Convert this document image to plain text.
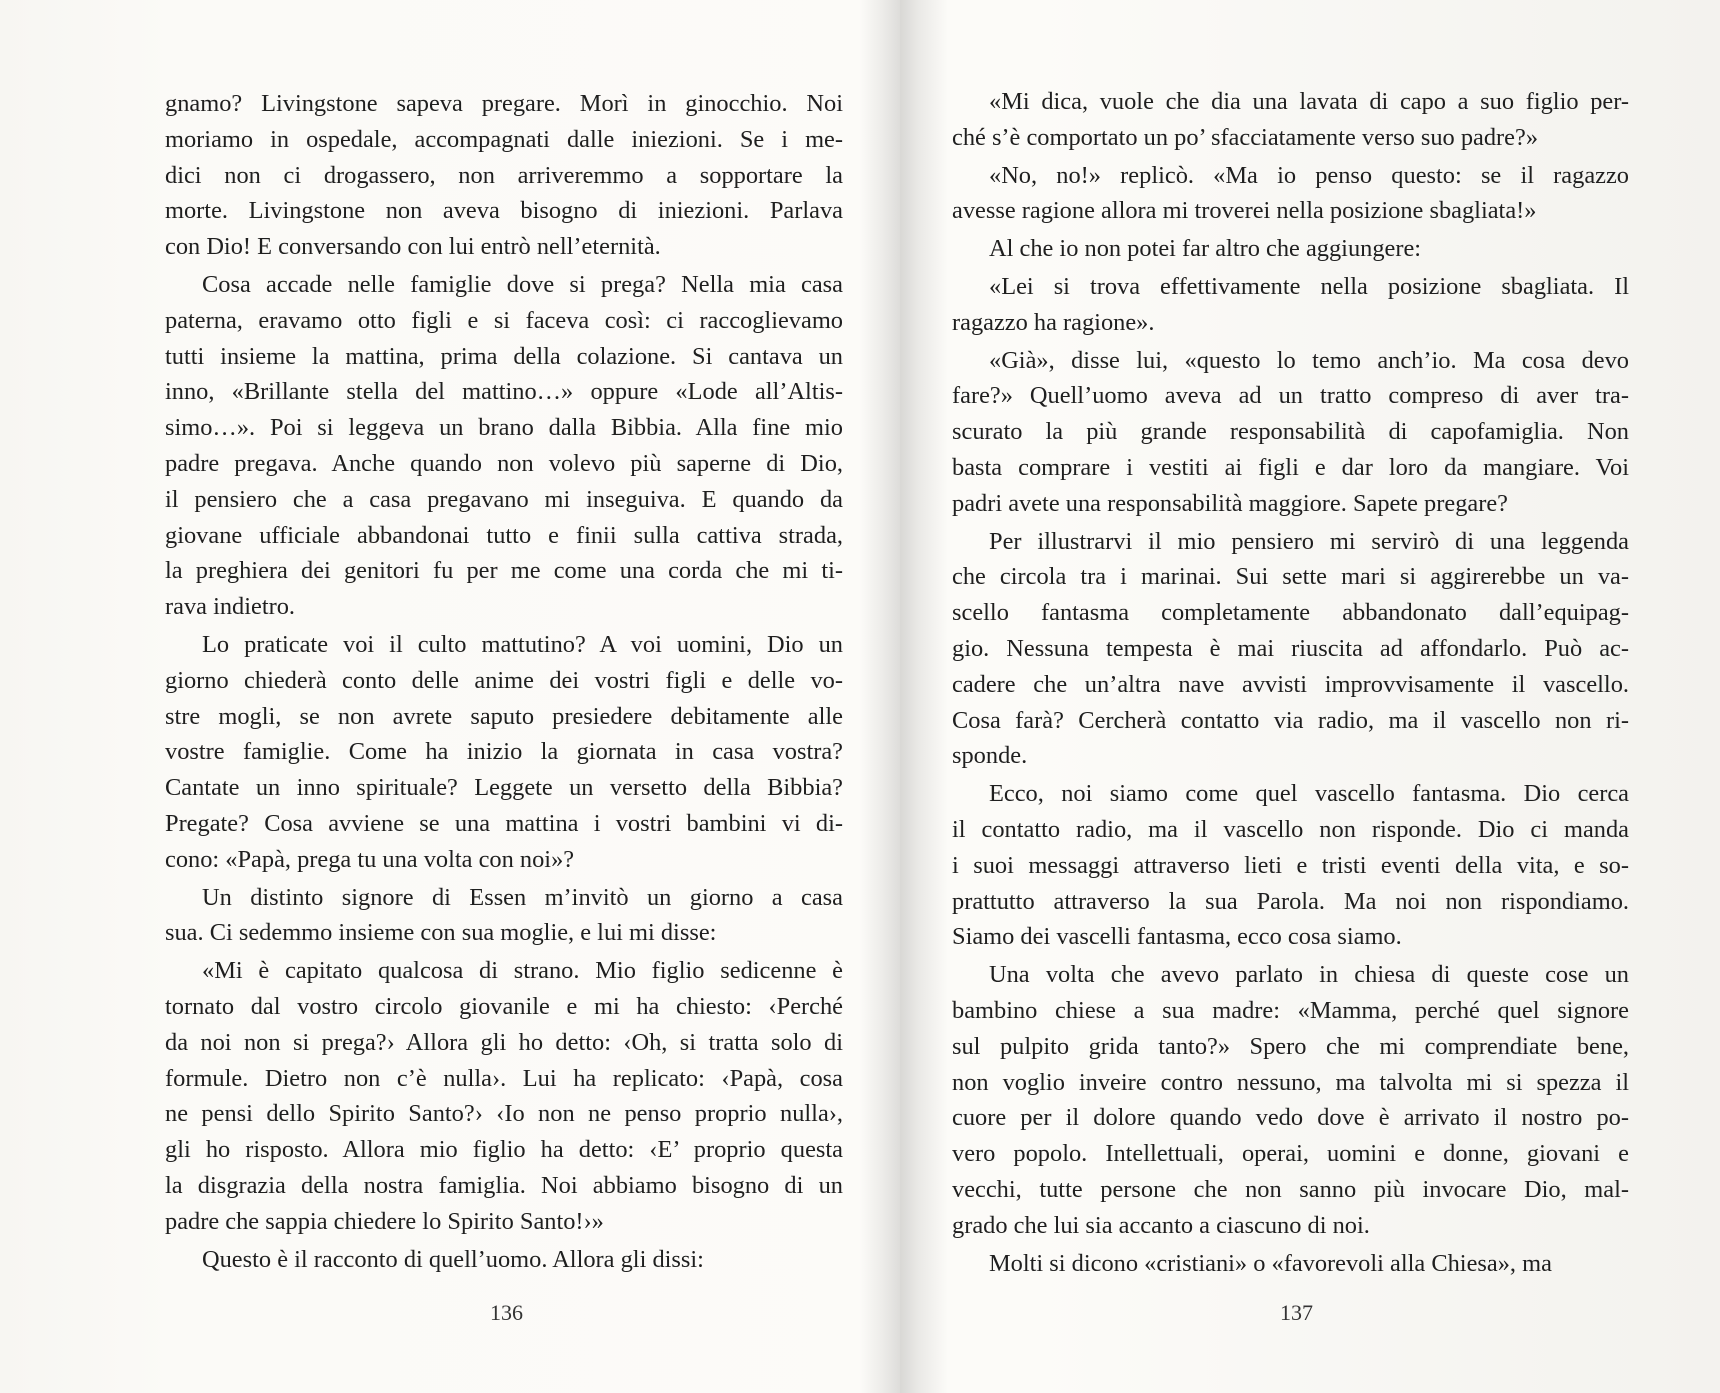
gnamo? Livingstone sapeva pregare. Morì in ginocchio. Noi
moriamo in ospedale, accompagnati dalle iniezioni. Se i me-
dici non ci drogassero, non arriveremmo a sopportare la
morte. Livingstone non aveva bisogno di iniezioni. Parlava
con Dio! E conversando con lui entrò nell’eternità.

Cosa accade nelle famiglie dove si prega? Nella mia casa
paterna, eravamo otto figli e si faceva così: ci raccoglievamo
tutti insieme la mattina, prima della colazione. Si cantava un
inno, «Brillante stella del mattino…» oppure «Lode all’Altis-
simo…». Poi si leggeva un brano dalla Bibbia. Alla fine mio
padre pregava. Anche quando non volevo più saperne di Dio,
il pensiero che a casa pregavano mi inseguiva. E quando da
giovane ufficiale abbandonai tutto e finii sulla cattiva strada,
la preghiera dei genitori fu per me come una corda che mi ti-
rava indietro.

Lo praticate voi il culto mattutino? A voi uomini, Dio un
giorno chiederà conto delle anime dei vostri figli e delle vo-
stre mogli, se non avrete saputo presiedere debitamente alle
vostre famiglie. Come ha inizio la giornata in casa vostra?
Cantate un inno spirituale? Leggete un versetto della Bibbia?
Pregate? Cosa avviene se una mattina i vostri bambini vi di-
cono: «Papà, prega tu una volta con noi»?

Un distinto signore di Essen m’invitò un giorno a casa
sua. Ci sedemmo insieme con sua moglie, e lui mi disse:

«Mi è capitato qualcosa di strano. Mio figlio sedicenne è
tornato dal vostro circolo giovanile e mi ha chiesto: ‹Perché
da noi non si prega?› Allora gli ho detto: ‹Oh, si tratta solo di
formule. Dietro non c’è nulla›. Lui ha replicato: ‹Papà, cosa
ne pensi dello Spirito Santo?› ‹Io non ne penso proprio nulla›,
gli ho risposto. Allora mio figlio ha detto: ‹E’ proprio questa
la disgrazia della nostra famiglia. Noi abbiamo bisogno di un
padre che sappia chiedere lo Spirito Santo!›»

Questo è il racconto di quell’uomo. Allora gli dissi:

136

«Mi dica, vuole che dia una lavata di capo a suo figlio per-
ché s’è comportato un po’ sfacciatamente verso suo padre?»

«No, no!» replicò. «Ma io penso questo: se il ragazzo
avesse ragione allora mi troverei nella posizione sbagliata!»

Al che io non potei far altro che aggiungere:

«Lei si trova effettivamente nella posizione sbagliata. Il
ragazzo ha ragione».

«Già», disse lui, «questo lo temo anch’io. Ma cosa devo
fare?» Quell’uomo aveva ad un tratto compreso di aver tra-
scurato la più grande responsabilità di capofamiglia. Non
basta comprare i vestiti ai figli e dar loro da mangiare. Voi
padri avete una responsabilità maggiore. Sapete pregare?

Per illustrarvi il mio pensiero mi servirò di una leggenda
che circola tra i marinai. Sui sette mari si aggirerebbe un va-
scello fantasma completamente abbandonato dall’equipag-
gio. Nessuna tempesta è mai riuscita ad affondarlo. Può ac-
cadere che un’altra nave avvisti improvvisamente il vascello.
Cosa farà? Cercherà contatto via radio, ma il vascello non ri-
sponde.

Ecco, noi siamo come quel vascello fantasma. Dio cerca
il contatto radio, ma il vascello non risponde. Dio ci manda
i suoi messaggi attraverso lieti e tristi eventi della vita, e so-
prattutto attraverso la sua Parola. Ma noi non rispondiamo.
Siamo dei vascelli fantasma, ecco cosa siamo.

Una volta che avevo parlato in chiesa di queste cose un
bambino chiese a sua madre: «Mamma, perché quel signore
sul pulpito grida tanto?» Spero che mi comprendiate bene,
non voglio inveire contro nessuno, ma talvolta mi si spezza il
cuore per il dolore quando vedo dove è arrivato il nostro po-
vero popolo. Intellettuali, operai, uomini e donne, giovani e
vecchi, tutte persone che non sanno più invocare Dio, mal-
grado che lui sia accanto a ciascuno di noi.

Molti si dicono «cristiani» o «favorevoli alla Chiesa», ma

137
